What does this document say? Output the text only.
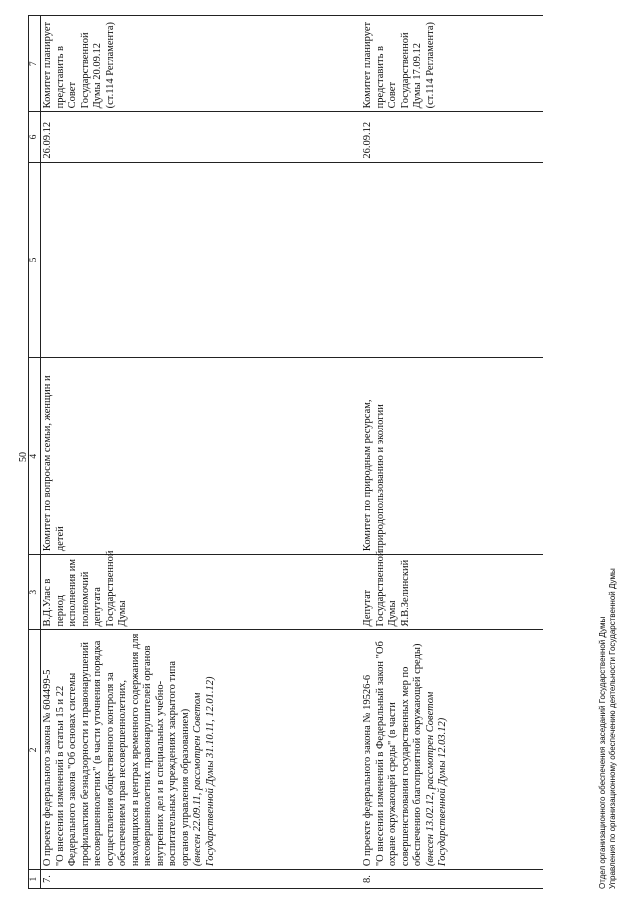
50
1	2	3	4	5	6	7
7.	О проекте федерального закона № 604499-5 "О внесении изменений в статьи 15 и 22 Федерального закона "Об основах системы профилактики безнадзорности и правонарушений несовершеннолетних" (в части уточнения порядка осуществления общественного контроля за обеспечением прав несовершеннолетних, находящихся в центрах временного содержания для несовершеннолетних правонарушителей органов внутренних дел и в специальных учебно-воспитательных учреждениях закрытого типа органов управления образованием) (внесен 22.09.11, рассмотрен Советом Государственной Думы 31.10.11, 12.01.12)	В.Д.Улас в период исполнения им полномочий депутата Государственной Думы	Комитет по вопросам семьи, женщин и детей		26.09.12	Комитет планирует представить в Совет Государственной Думы 20.09.12 (ст.114 Регламента)
8.	О проекте федерального закона № 19526-6 "О внесении изменений в Федеральный закон "Об охране окружающей среды" (в части совершенствования государственных мер по обеспечению благоприятной окружающей среды) (внесен 13.02.12, рассмотрен Советом Государственной Думы 12.03.12)	Депутат Государственной Думы Я.В.Зелинский	Комитет по природным ресурсам, природопользованию и экологии		26.09.12	Комитет планирует представить в Совет Государственной Думы 17.09.12 (ст.114 Регламента)
Отдел организационного обеспечения заседаний Государственной Думы Управления по организационному обеспечению деятельности Государственной Думы
